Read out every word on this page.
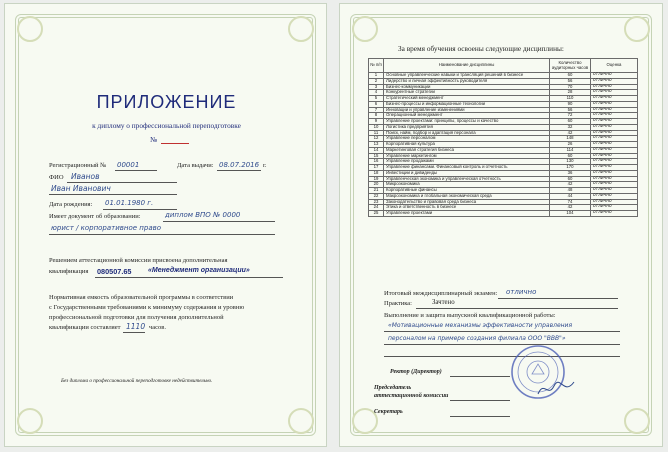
ПРИЛОЖЕНИЕ
к диплому о профессиональной переподготовке
№
Регистрационный № 00001	Дата выдачи: 08.07.2016 г.
ФИО Иванов
Иван Иванович
Дата рождения: 01.01.1980 г.
Имеет документ об образовании:	диплом ВПО № 0000
юрист / корпоративное право
Решением аттестационной комиссии присвоена дополнительная
квалификация 080507.65 «Менеджмент организации»
Нормативная емкость образовательной программы в соответствии
с Государственными требованиями к минимуму содержания и уровню
профессиональной подготовки для получения дополнительной
квалификации составляет 1110 часов.
Без диплома о профессиональной переподготовке недействительно.
За время обучения освоены следующие дисциплины:
№ п/п	Наименование дисциплины	Количество аудиторных часов	Оценка
1	Основные управленческие навыки и трансляция решений в бизнесе	60	отлично
2	Лидерство и личная эффективность руководителя	56	отлично
3	Бизнес-коммуникации	70	отлично
4	Конкурентные стратегии	28	отлично
5	Стратегический менеджмент	110	отлично
6	Бизнес-процессы и информационные технологии	90	отлично
7	Инновации и управление изменениями	56	отлично
8	Операционный менеджмент	72	отлично
9	Управление проектами: принципы, процессы и качество	60	отлично
10	Логистика предприятия	32	отлично
11	Поиск, найм, подбор и адаптация персонала	42	отлично
12	Управление персоналом	148	отлично
13	Корпоративная культура	26	отлично
14	Маркетинговая стратегия бизнеса	114	отлично
15	Управление маркетингом	60	отлично
16	Управление продажами	130	отлично
17	Управление финансами. Финансовый контроль и отчетность	170	отлично
18	Инвестиции и дивиденды	36	отлично
19	Управленческая экономика и управленческая отчетность	60	отлично
20	Микроэкономика	42	отлично
21	Корпоративные финансы	48	отлично
22	Макроэкономика и глобальная экономическая среда	44	отлично
23	Законодательство и правовая среда бизнеса	74	отлично
24	Этика и ответственность в бизнесе	42	отлично
25	Управление проектами	104	отлично
Итоговый междисциплинарный экзамен: отлично
Практика:	Зачтено
Выполнение и защита выпускной квалификационной работы:
«Мотивационные механизмы эффективности управления
персоналом на примере создания филиала ООО "ВВВ"»
Ректор (Директор)
Председатель
аттестационной комиссии
Секретарь
